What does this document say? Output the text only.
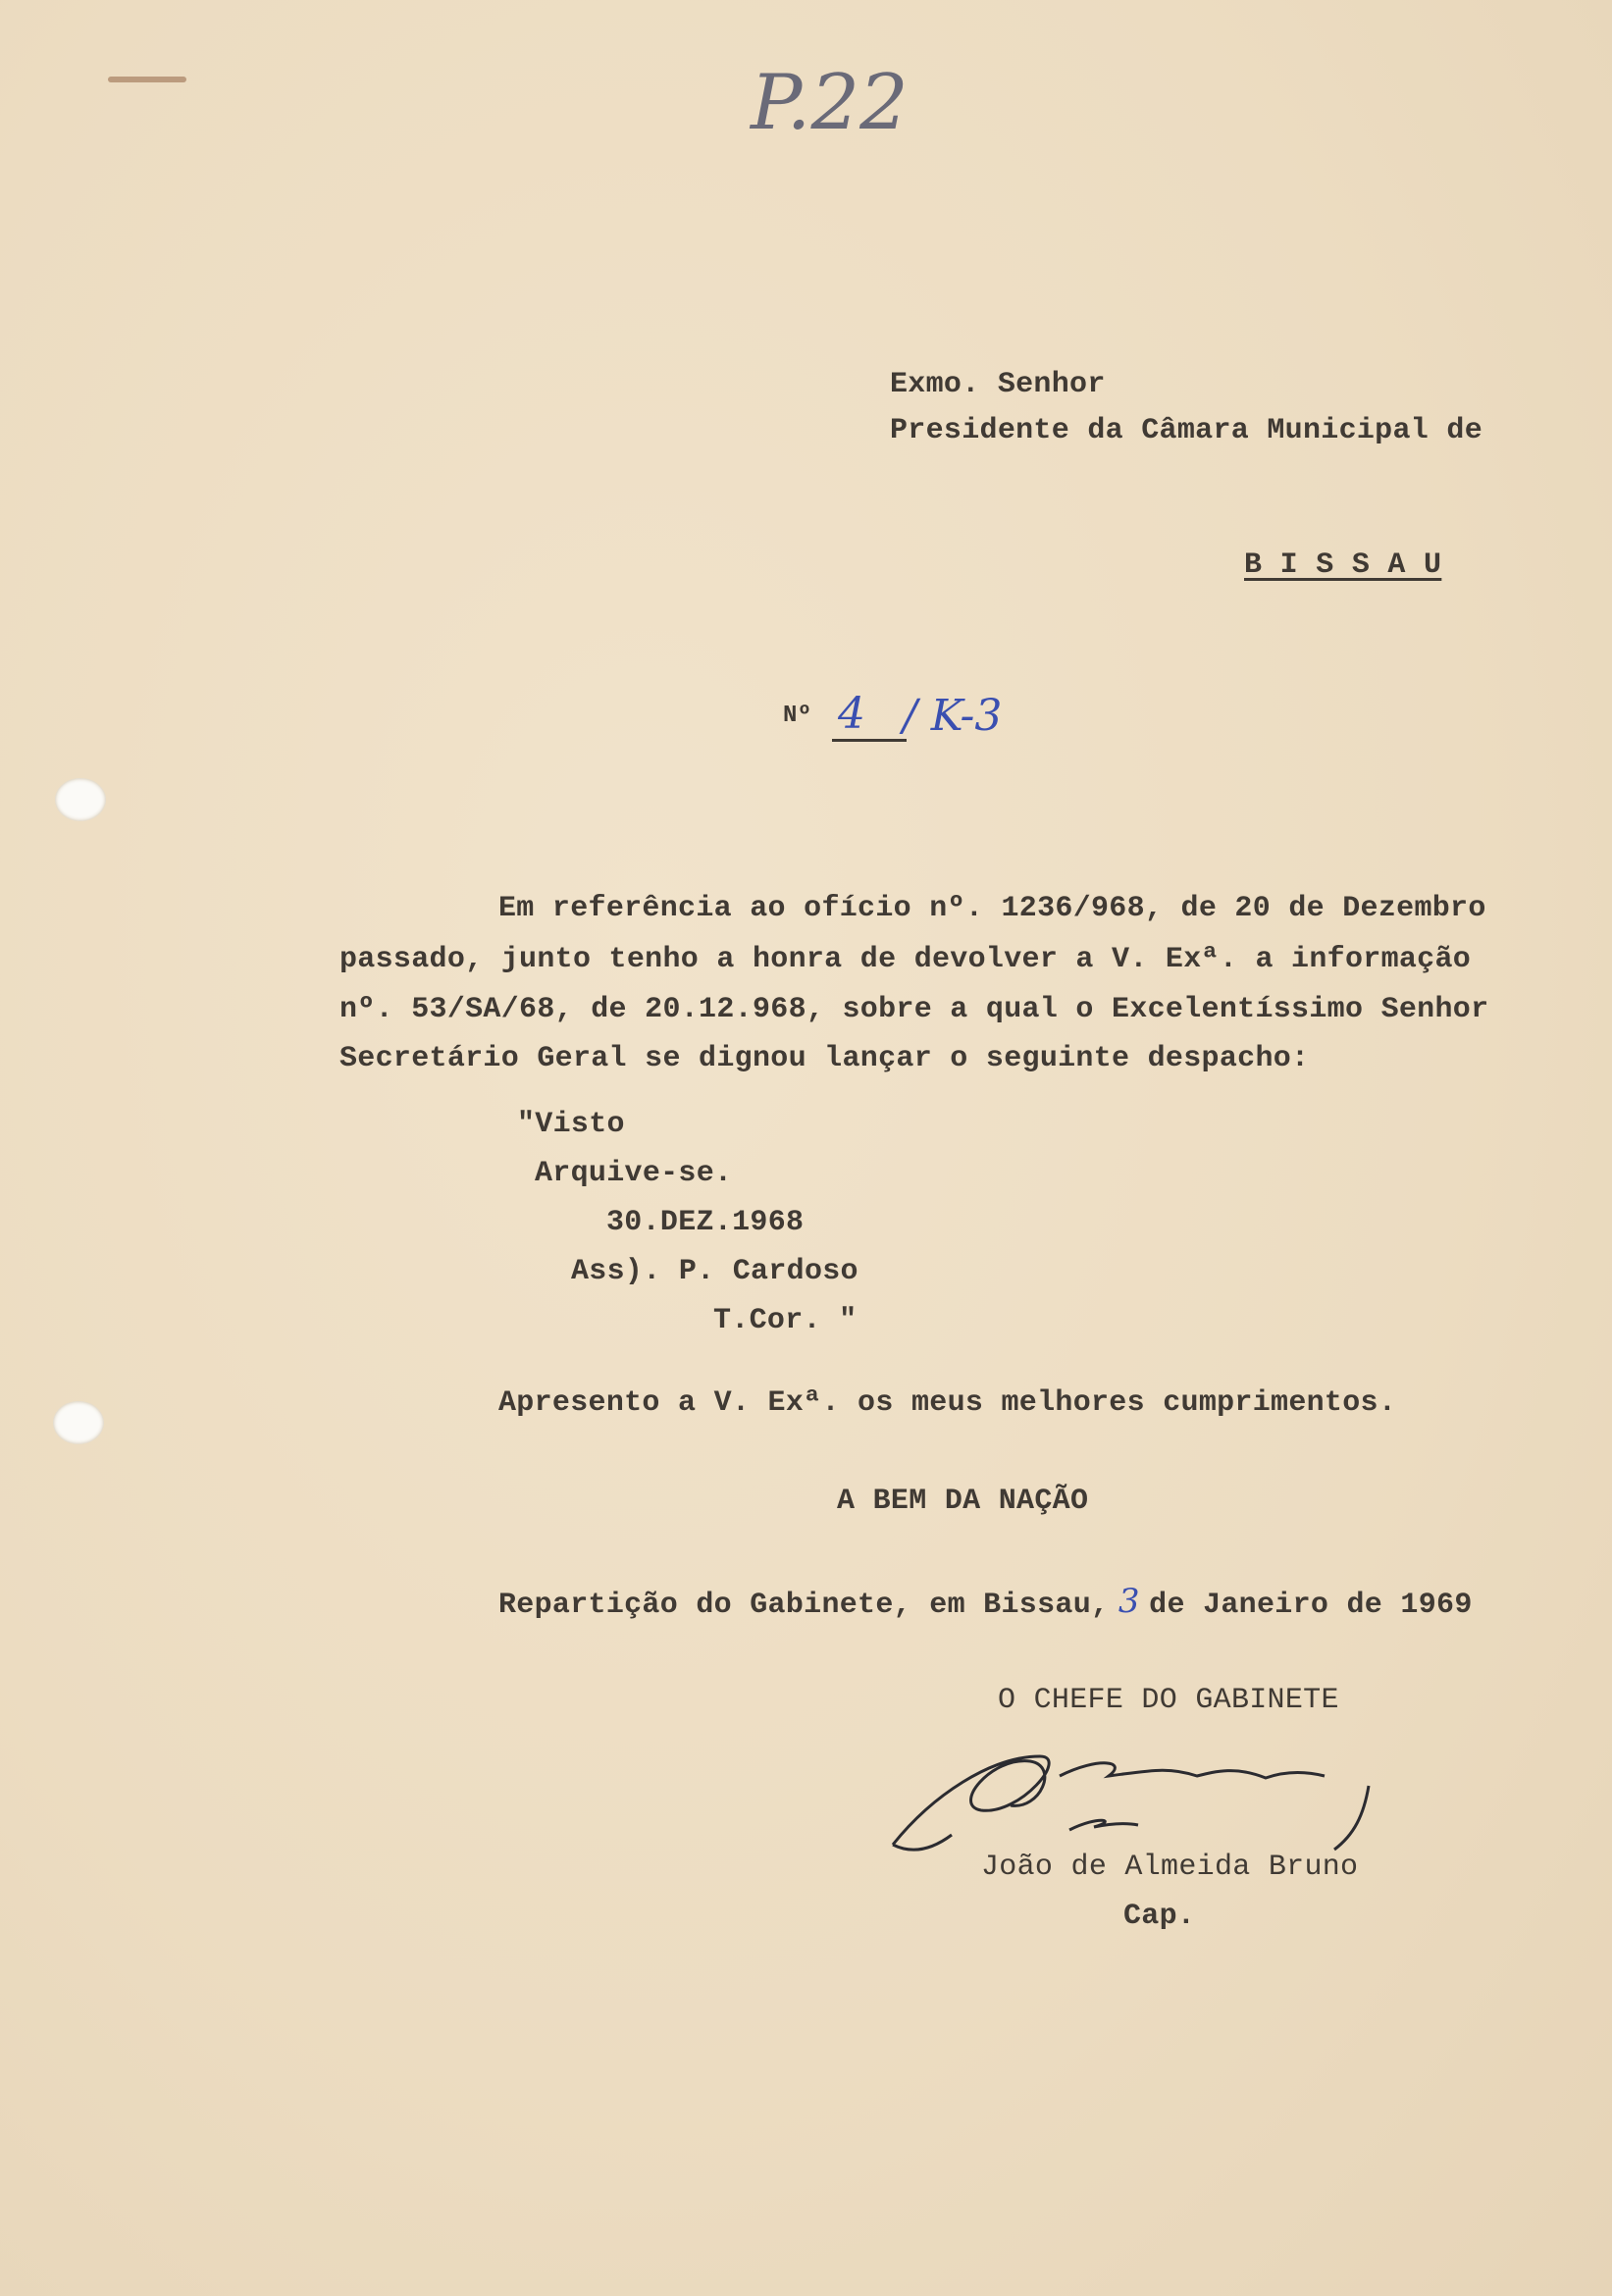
P.22
Exmo. Senhor
Presidente da Câmara Municipal de
B I S S A U
Nº 4 / K-3
Em referência ao ofício nº. 1236/968, de 20 de Dezembro
passado, junto tenho a honra de devolver a V. Exª. a informação
nº. 53/SA/68, de 20.12.968, sobre a qual o Excelentíssimo Senhor
Secretário Geral se dignou lançar o seguinte despacho:
"Visto
Arquive-se.
30.DEZ.1968
Ass). P. Cardoso
T.Cor. "
Apresento a V. Exª. os meus melhores cumprimentos.
A BEM DA NAÇÃO
Repartição do Gabinete, em Bissau, 3 de Janeiro de 1969
O CHEFE DO GABINETE
João de Almeida Bruno
Cap.
